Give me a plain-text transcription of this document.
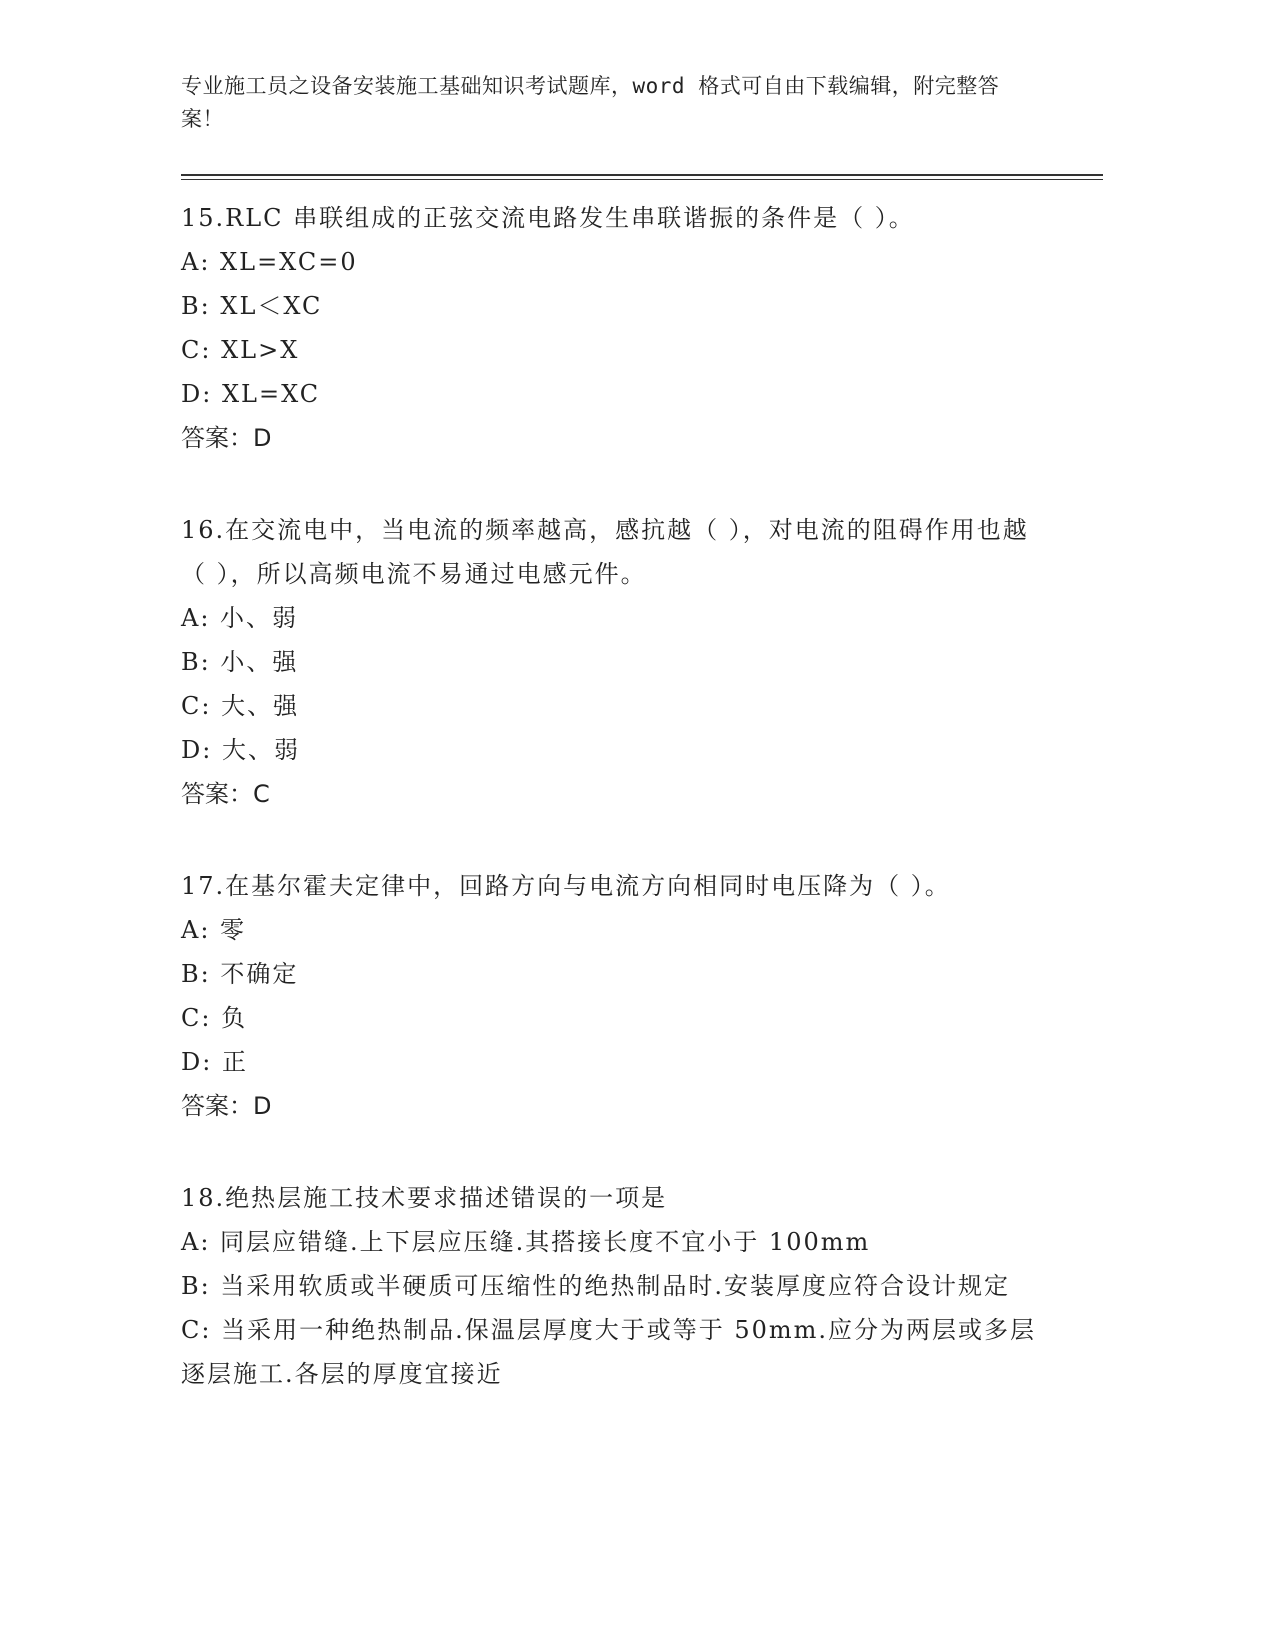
专业施工员之设备安装施工基础知识考试题库，word 格式可自由下载编辑，附完整答案！

15.RLC 串联组成的正弦交流电路发生串联谐振的条件是（ ）。

A: XL=XC=0

B: XL＜XC

C: XL>X

D: XL=XC

答案：D

16.在交流电中，当电流的频率越高，感抗越（ ），对电流的阻碍作用也越（ ），所以高频电流不易通过电感元件。

A: 小、弱

B: 小、强

C: 大、强

D: 大、弱

答案：C

17.在基尔霍夫定律中，回路方向与电流方向相同时电压降为（ ）。

A: 零

B: 不确定

C: 负

D: 正

答案：D

18.绝热层施工技术要求描述错误的一项是

A: 同层应错缝.上下层应压缝.其搭接长度不宜小于 100mm

B: 当采用软质或半硬质可压缩性的绝热制品时.安装厚度应符合设计规定

C: 当采用一种绝热制品.保温层厚度大于或等于 50mm.应分为两层或多层逐层施工.各层的厚度宜接近
